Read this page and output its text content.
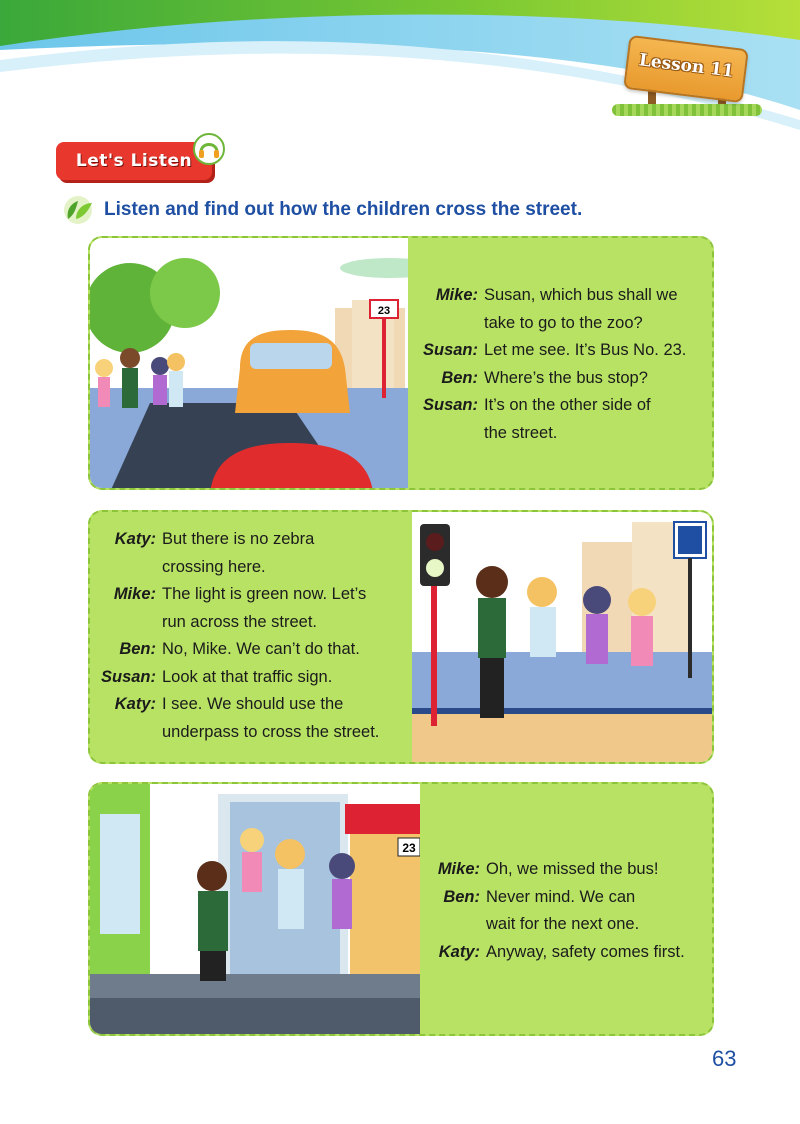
Lesson 11
Let's Listen
Listen and find out how the children cross the street.
23
Mike: Susan, which bus shall we
take to go to the zoo?
Susan: Let me see. It’s Bus No. 23.
Ben: Where’s the bus stop?
Susan: It’s on the other side of
the street.
Katy: But there is no zebra
crossing here.
Mike: The light is green now. Let’s
run across the street.
Ben: No, Mike. We can’t do that.
Susan: Look at that traffic sign.
Katy: I see. We should use the
underpass to cross the street.
23
Mike: Oh, we missed the bus!
Ben: Never mind. We can
wait for the next one.
Katy: Anyway, safety comes first.
63
